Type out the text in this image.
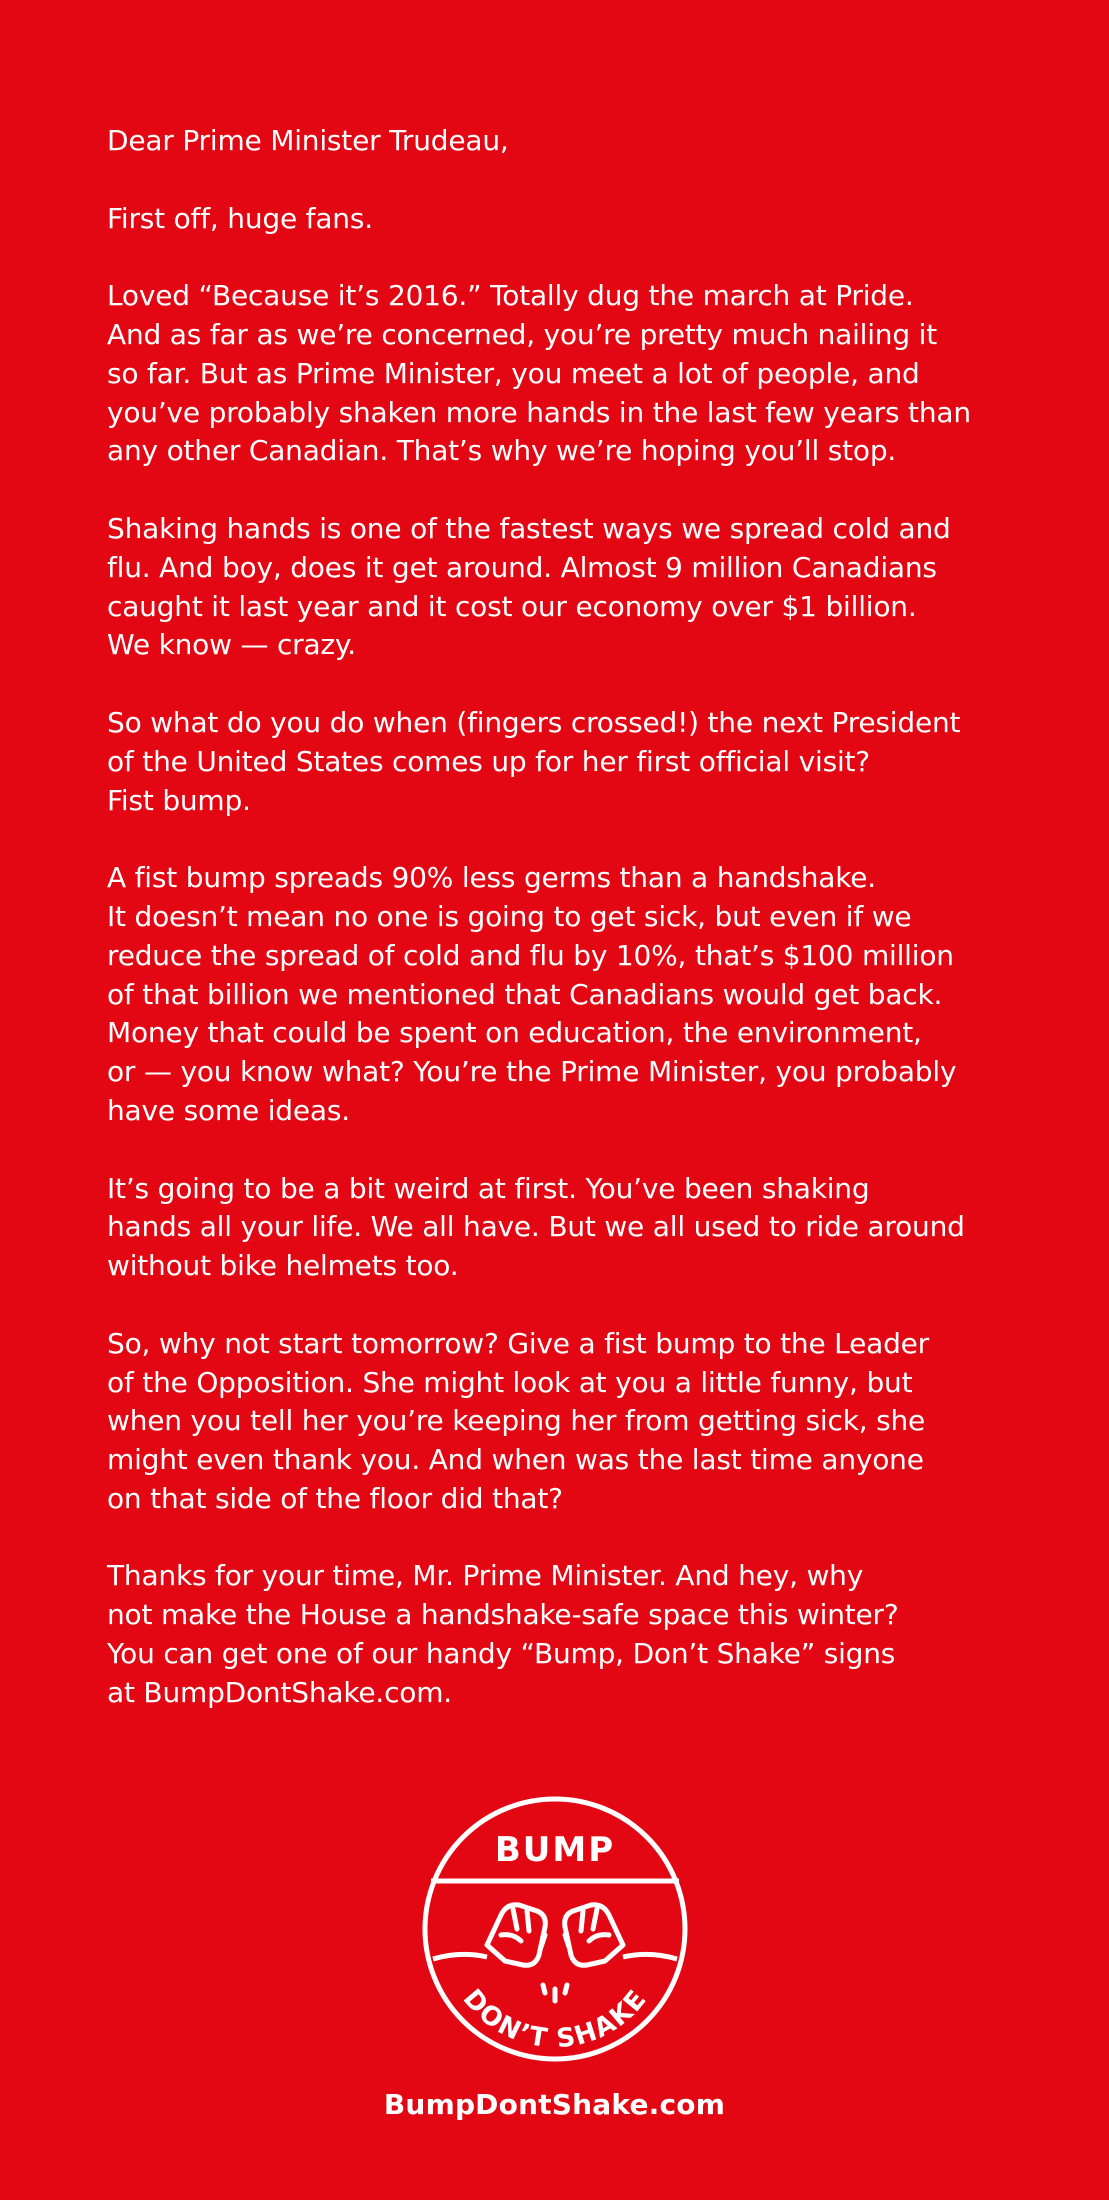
Dear Prime Minister Trudeau,

First off, huge fans.

Loved “Because it’s 2016.” Totally dug the march at Pride.
And as far as we’re concerned, you’re pretty much nailing it
so far. But as Prime Minister, you meet a lot of people, and
you’ve probably shaken more hands in the last few years than
any other Canadian. That’s why we’re hoping you’ll stop.

Shaking hands is one of the fastest ways we spread cold and
flu. And boy, does it get around. Almost 9 million Canadians
caught it last year and it cost our economy over $1 billion.
We know — crazy.

So what do you do when (fingers crossed!) the next President
of the United States comes up for her first official visit?
Fist bump.

A fist bump spreads 90% less germs than a handshake.
It doesn’t mean no one is going to get sick, but even if we
reduce the spread of cold and flu by 10%, that’s $100 million
of that billion we mentioned that Canadians would get back.
Money that could be spent on education, the environment,
or — you know what? You’re the Prime Minister, you probably
have some ideas.

It’s going to be a bit weird at first. You’ve been shaking
hands all your life. We all have. But we all used to ride around
without bike helmets too.

So, why not start tomorrow? Give a fist bump to the Leader
of the Opposition. She might look at you a little funny, but
when you tell her you’re keeping her from getting sick, she
might even thank you. And when was the last time anyone
on that side of the floor did that?

Thanks for your time, Mr. Prime Minister. And hey, why
not make the House a handshake-safe space this winter?
You can get one of our handy “Bump, Don’t Shake” signs
at BumpDontShake.com.

BUMP
DON’T SHAKE
BumpDontShake.com
